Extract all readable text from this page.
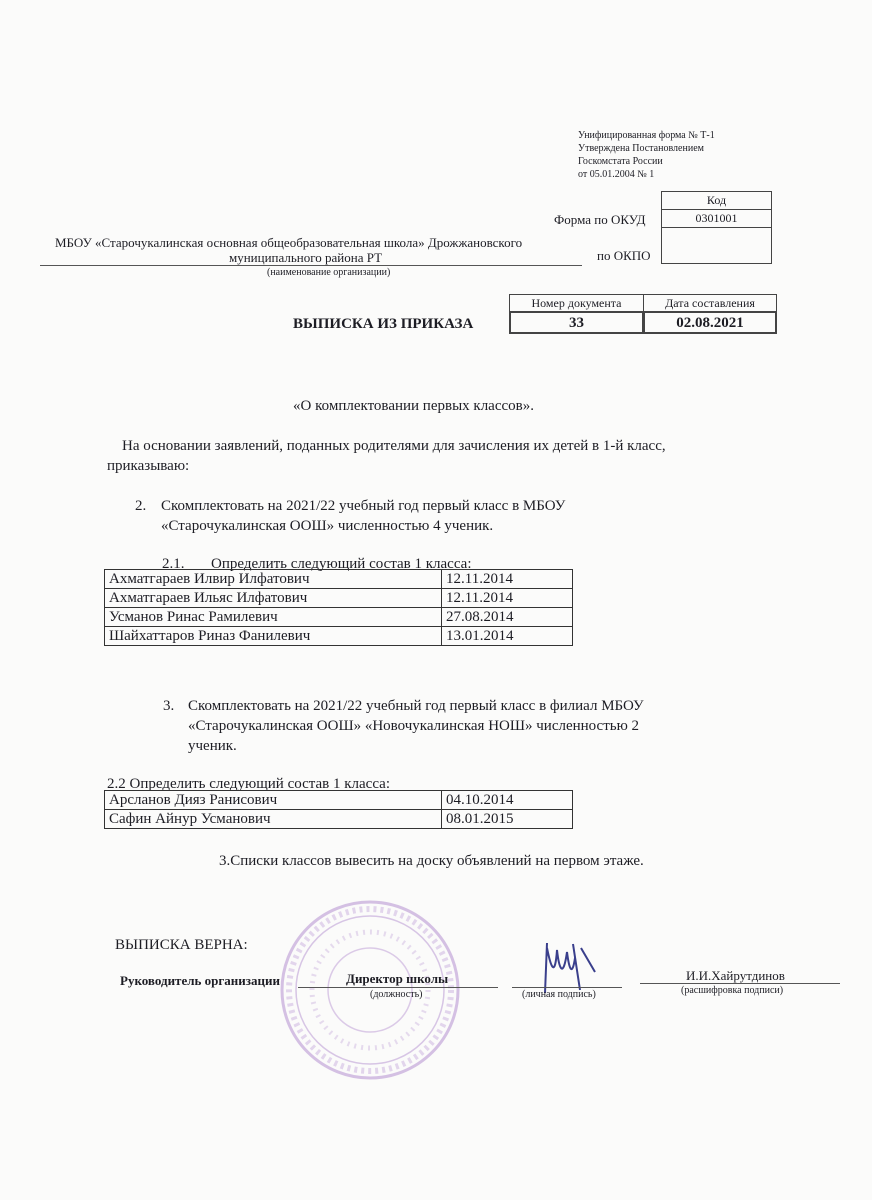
Унифицированная форма № Т-1
Утверждена Постановлением
Госкомстата России
от 05.01.2004 № 1
Код
Форма по ОКУД	0301001
по ОКПО
МБОУ «Старочукалинская основная общеобразовательная школа» Дрожжановского
муниципального района РТ
(наименование организации)
Номер документа	Дата составления
ВЫПИСКА ИЗ ПРИКАЗА	33	02.08.2021
«О комплектовании первых классов».
На основании заявлений, поданных родителями для зачисления их детей в 1-й класс,
приказываю:
2. Скомплектовать на 2021/22 учебный год первый класс в МБОУ
«Старочукалинская ООШ» численностью 4 ученик.
2.1. Определить следующий состав 1 класса:
Ахматгараев Илвир Илфатович	12.11.2014
Ахматгараев Ильяс Илфатович	12.11.2014
Усманов Ринас Рамилевич	27.08.2014
Шайхаттаров Риназ Фанилевич	13.01.2014
3. Скомплектовать на 2021/22 учебный год первый класс в филиал МБОУ
«Старочукалинская ООШ» «Новочукалинская НОШ» численностью 2
ученик.
2.2 Определить следующий состав 1 класса:
Арсланов Дияз Ранисович	04.10.2014
Сафин Айнур Усманович	08.01.2015
3.Списки классов вывесить на доску объявлений на первом этаже.
ВЫПИСКА ВЕРНА:
Руководитель организации	Директор школы
(должность)	(личная подпись)
И.И.Хайрутдинов
(расшифровка подписи)
